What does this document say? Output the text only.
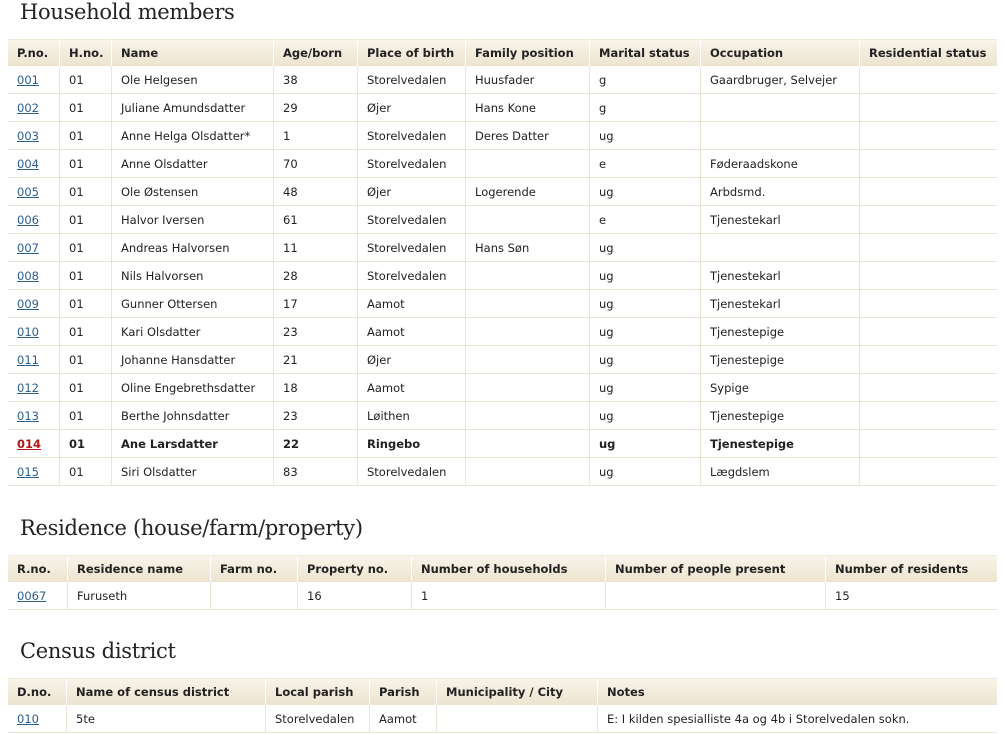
Household members
P.no.	H.no.	Name	Age/born	Place of birth	Family position	Marital status	Occupation	Residential status
001	01	Ole Helgesen	38	Storelvedalen	Huusfader	g	Gaardbruger, Selvejer	
002	01	Juliane Amundsdatter	29	Øjer	Hans Kone	g		
003	01	Anne Helga Olsdatter*	1	Storelvedalen	Deres Datter	ug		
004	01	Anne Olsdatter	70	Storelvedalen		e	Føderaadskone	
005	01	Ole Østensen	48	Øjer	Logerende	ug	Arbdsmd.	
006	01	Halvor Iversen	61	Storelvedalen		e	Tjenestekarl	
007	01	Andreas Halvorsen	11	Storelvedalen	Hans Søn	ug		
008	01	Nils Halvorsen	28	Storelvedalen		ug	Tjenestekarl	
009	01	Gunner Ottersen	17	Aamot		ug	Tjenestekarl	
010	01	Kari Olsdatter	23	Aamot		ug	Tjenestepige	
011	01	Johanne Hansdatter	21	Øjer		ug	Tjenestepige	
012	01	Oline Engebrethsdatter	18	Aamot		ug	Sypige	
013	01	Berthe Johnsdatter	23	Løithen		ug	Tjenestepige	
014	01	Ane Larsdatter	22	Ringebo		ug	Tjenestepige	
015	01	Siri Olsdatter	83	Storelvedalen		ug	Lægdslem	
Residence (house/farm/property)
R.no.	Residence name	Farm no.	Property no.	Number of households	Number of people present	Number of residents
0067	Furuseth		16	1		15
Census district
D.no.	Name of census district	Local parish	Parish	Municipality / City	Notes
010	5te	Storelvedalen	Aamot		E: I kilden spesialliste 4a og 4b i Storelvedalen sokn.
